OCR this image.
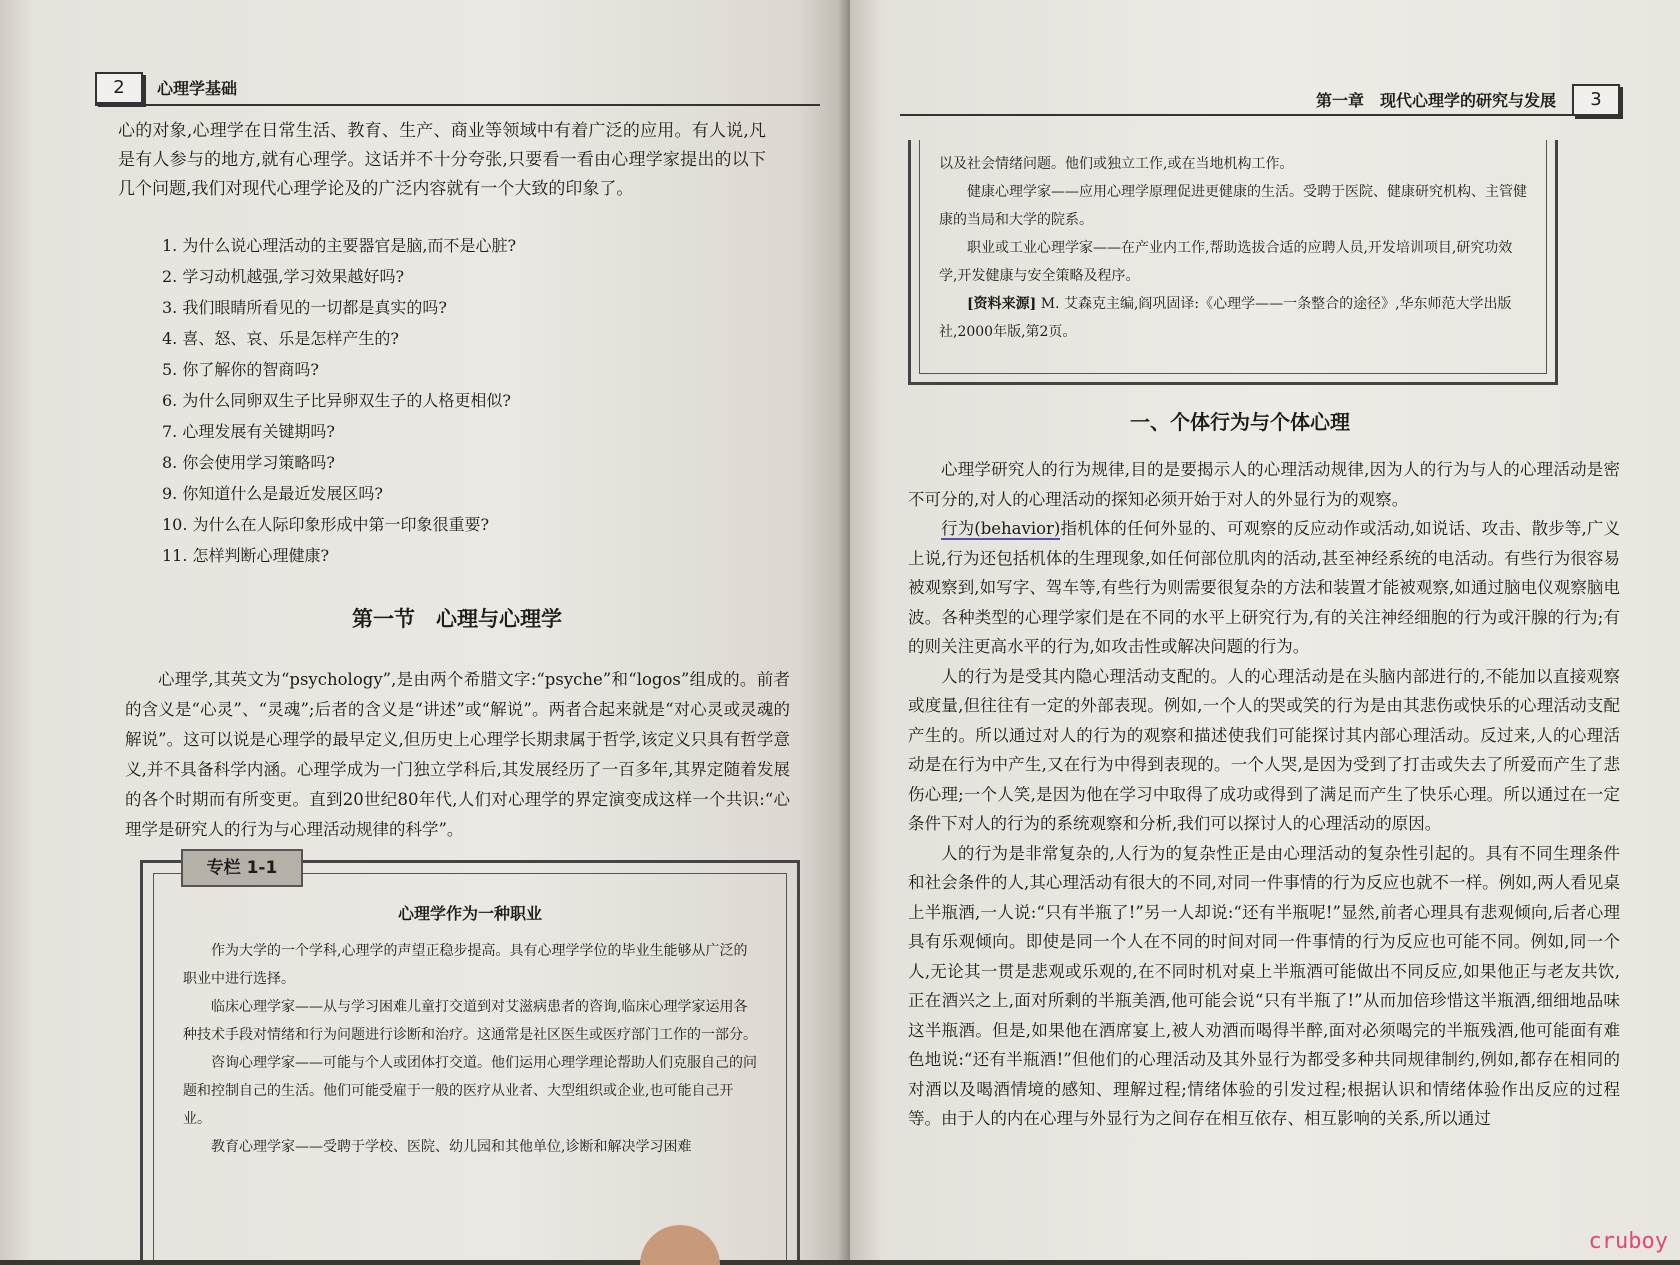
2	心理学基础
心的对象,心理学在日常生活、教育、生产、商业等领域中有着广泛的应用。有人说,凡是有人参与的地方,就有心理学。这话并不十分夸张,只要看一看由心理学家提出的以下几个问题,我们对现代心理学论及的广泛内容就有一个大致的印象了。
1. 为什么说心理活动的主要器官是脑,而不是心脏?
2. 学习动机越强,学习效果越好吗?
3. 我们眼睛所看见的一切都是真实的吗?
4. 喜、怒、哀、乐是怎样产生的?
5. 你了解你的智商吗?
6. 为什么同卵双生子比异卵双生子的人格更相似?
7. 心理发展有关键期吗?
8. 你会使用学习策略吗?
9. 你知道什么是最近发展区吗?
10. 为什么在人际印象形成中第一印象很重要?
11. 怎样判断心理健康?
第一节　心理与心理学
心理学,其英文为“psychology”,是由两个希腊文字:“psyche”和“logos”组成的。前者的含义是“心灵”、“灵魂”;后者的含义是“讲述”或“解说”。两者合起来就是“对心灵或灵魂的解说”。这可以说是心理学的最早定义,但历史上心理学长期隶属于哲学,该定义只具有哲学意义,并不具备科学内涵。心理学成为一门独立学科后,其发展经历了一百多年,其界定随着发展的各个时期而有所变更。直到20世纪80年代,人们对心理学的界定演变成这样一个共识:“心理学是研究人的行为与心理活动规律的科学”。
专栏 1-1
心理学作为一种职业

作为大学的一个学科,心理学的声望正稳步提高。具有心理学学位的毕业生能够从广泛的职业中进行选择。

临床心理学家——从与学习困难儿童打交道到对艾滋病患者的咨询,临床心理学家运用各种技术手段对情绪和行为问题进行诊断和治疗。这通常是社区医生或医疗部门工作的一部分。

咨询心理学家——可能与个人或团体打交道。他们运用心理学理论帮助人们克服自己的问题和控制自己的生活。他们可能受雇于一般的医疗从业者、大型组织或企业,也可能自己开业。

教育心理学家——受聘于学校、医院、幼儿园和其他单位,诊断和解决学习困难

第一章　现代心理学的研究与发展	3

以及社会情绪问题。他们或独立工作,或在当地机构工作。

健康心理学家——应用心理学原理促进更健康的生活。受聘于医院、健康研究机构、主管健康的当局和大学的院系。

职业或工业心理学家——在产业内工作,帮助选拔合适的应聘人员,开发培训项目,研究功效学,开发健康与安全策略及程序。

[资料来源] M. 艾森克主编,阎巩固译:《心理学——一条整合的途径》,华东师范大学出版社,2000年版,第2页。

一、个体行为与个体心理

心理学研究人的行为规律,目的是要揭示人的心理活动规律,因为人的行为与人的心理活动是密不可分的,对人的心理活动的探知必须开始于对人的外显行为的观察。

行为(behavior)指机体的任何外显的、可观察的反应动作或活动,如说话、攻击、散步等,广义上说,行为还包括机体的生理现象,如任何部位肌肉的活动,甚至神经系统的电活动。有些行为很容易被观察到,如写字、驾车等,有些行为则需要很复杂的方法和装置才能被观察,如通过脑电仪观察脑电波。各种类型的心理学家们是在不同的水平上研究行为,有的关注神经细胞的行为或汗腺的行为;有的则关注更高水平的行为,如攻击性或解决问题的行为。

人的行为是受其内隐心理活动支配的。人的心理活动是在头脑内部进行的,不能加以直接观察或度量,但往往有一定的外部表现。例如,一个人的哭或笑的行为是由其悲伤或快乐的心理活动支配产生的。所以通过对人的行为的观察和描述使我们可能探讨其内部心理活动。反过来,人的心理活动是在行为中产生,又在行为中得到表现的。一个人哭,是因为受到了打击或失去了所爱而产生了悲伤心理;一个人笑,是因为他在学习中取得了成功或得到了满足而产生了快乐心理。所以通过在一定条件下对人的行为的系统观察和分析,我们可以探讨人的心理活动的原因。

人的行为是非常复杂的,人行为的复杂性正是由心理活动的复杂性引起的。具有不同生理条件和社会条件的人,其心理活动有很大的不同,对同一件事情的行为反应也就不一样。例如,两人看见桌上半瓶酒,一人说:“只有半瓶了!”另一人却说:“还有半瓶呢!”显然,前者心理具有悲观倾向,后者心理具有乐观倾向。即使是同一个人在不同的时间对同一件事情的行为反应也可能不同。例如,同一个人,无论其一贯是悲观或乐观的,在不同时机对桌上半瓶酒可能做出不同反应,如果他正与老友共饮,正在酒兴之上,面对所剩的半瓶美酒,他可能会说“只有半瓶了!”从而加倍珍惜这半瓶酒,细细地品味这半瓶酒。但是,如果他在酒席宴上,被人劝酒而喝得半醉,面对必须喝完的半瓶残酒,他可能面有难色地说:“还有半瓶酒!”但他们的心理活动及其外显行为都受多种共同规律制约,例如,都存在相同的对酒以及喝酒情境的感知、理解过程;情绪体验的引发过程;根据认识和情绪体验作出反应的过程等。由于人的内在心理与外显行为之间存在相互依存、相互影响的关系,所以通过

cruboy
